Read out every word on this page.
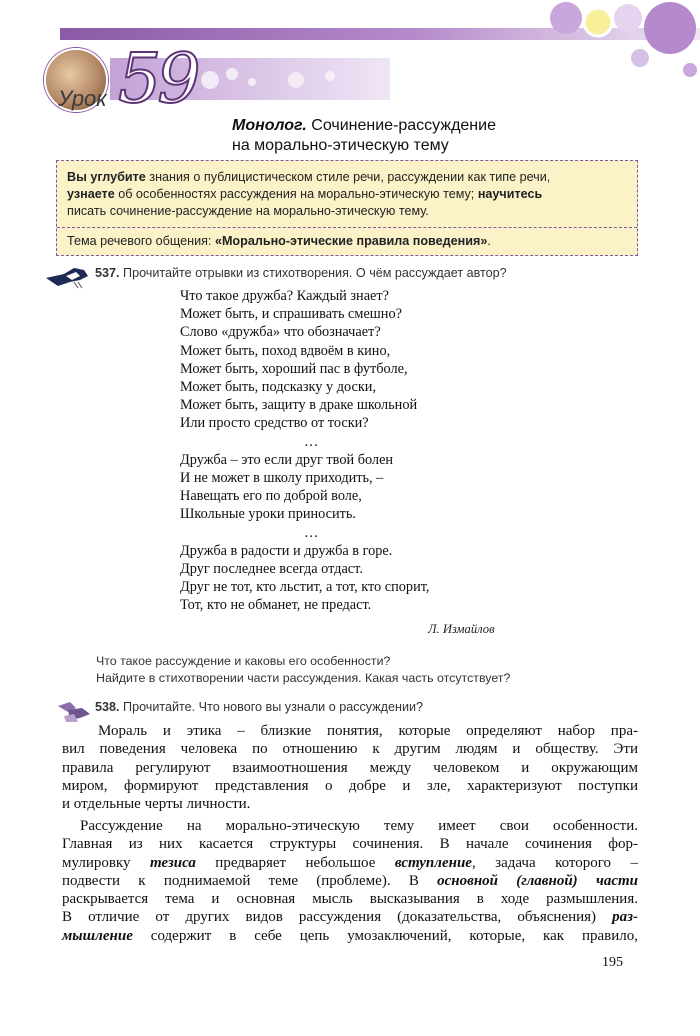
Урок 59
Монолог. Сочинение-рассуждение
на морально-этическую тему
Вы углубите знания о публицистическом стиле речи, рассуждении как типе речи,
узнаете об особенностях рассуждения на морально-этическую тему; научитесь
писать сочинение-рассуждение на морально-этическую тему.
Тема речевого общения: «Морально-этические правила поведения».
537. Прочитайте отрывки из стихотворения. О чём рассуждает автор?
Что такое дружба? Каждый знает?
Может быть, и спрашивать смешно?
Слово «дружба» что обозначает?
Может быть, поход вдвоём в кино,
Может быть, хороший пас в футболе,
Может быть, подсказку у доски,
Может быть, защиту в драке школьной
Или просто средство от тоски?
…
Дружба – это если друг твой болен
И не может в школу приходить, –
Навещать его по доброй воле,
Школьные уроки приносить.
…
Дружба в радости и дружба в горе.
Друг последнее всегда отдаст.
Друг не тот, кто льстит, а тот, кто спорит,
Тот, кто не обманет, не предаст.
Л. Измайлов
Что такое рассуждение и каковы его особенности?
Найдите в стихотворении части рассуждения. Какая часть отсутствует?
538. Прочитайте. Что нового вы узнали о рассуждении?
Мораль и этика – близкие понятия, которые определяют набор пра-
вил поведения человека по отношению к другим людям и обществу. Эти
правила регулируют взаимоотношения между человеком и окружающим
миром, формируют представления о добре и зле, характеризуют поступки
и отдельные черты личности.
Рассуждение на морально-этическую тему имеет свои особенности.
Главная из них касается структуры сочинения. В начале сочинения фор-
мулировку тезиса предваряет небольшое вступление, задача которого –
подвести к поднимаемой теме (проблеме). В основной (главной) части
раскрывается тема и основная мысль высказывания в ходе размышления.
В отличие от других видов рассуждения (доказательства, объяснения) раз-
мышление содержит в себе цепь умозаключений, которые, как правило,
195
